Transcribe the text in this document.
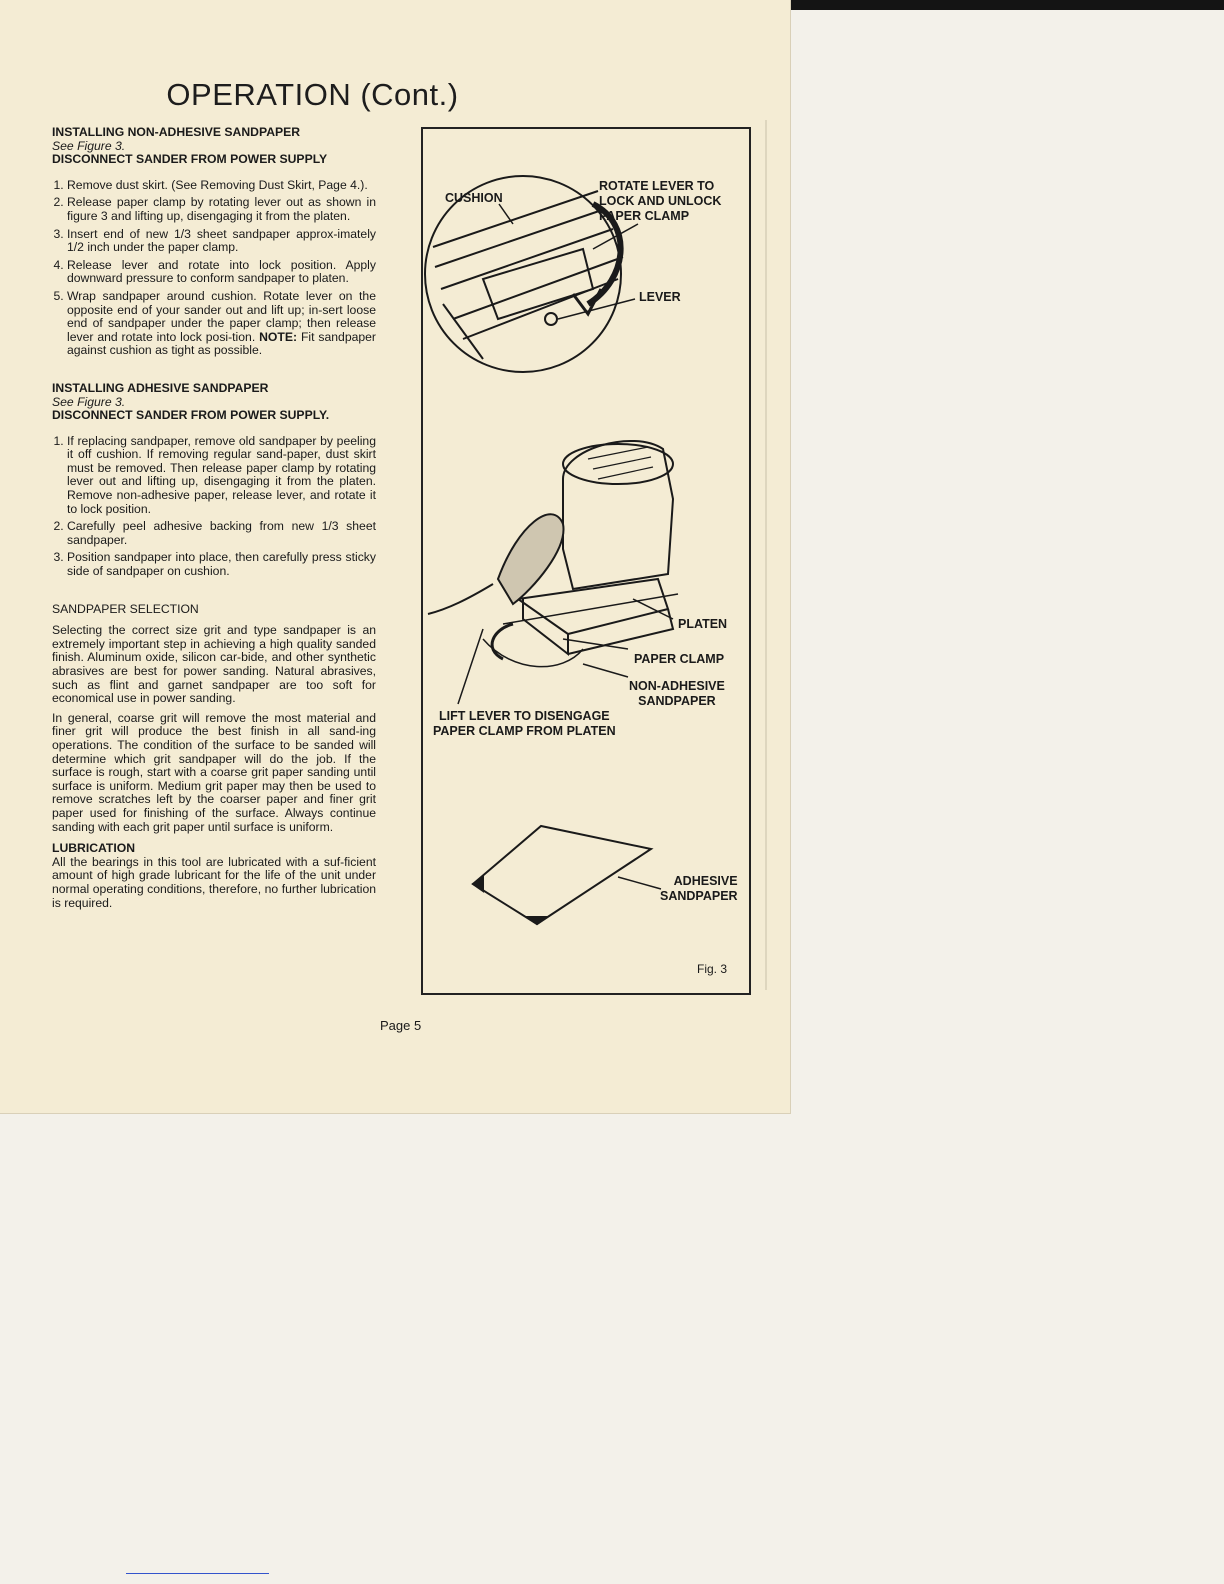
OPERATION (Cont.)
INSTALLING NON-ADHESIVE SANDPAPER
See Figure 3.
DISCONNECT SANDER FROM POWER SUPPLY
1. Remove dust skirt. (See Removing Dust Skirt, Page 4.).
2. Release paper clamp by rotating lever out as shown in figure 3 and lifting up, disengaging it from the platen.
3. Insert end of new 1/3 sheet sandpaper approx-imately 1/2 inch under the paper clamp.
4. Release lever and rotate into lock position. Apply downward pressure to conform sandpaper to platen.
5. Wrap sandpaper around cushion. Rotate lever on the opposite end of your sander out and lift up; in-sert loose end of sandpaper under the paper clamp; then release lever and rotate into lock posi-tion. NOTE: Fit sandpaper against cushion as tight as possible.
INSTALLING ADHESIVE SANDPAPER
See Figure 3.
DISCONNECT SANDER FROM POWER SUPPLY.
1. If replacing sandpaper, remove old sandpaper by peeling it off cushion. If removing regular sand-paper, dust skirt must be removed. Then release paper clamp by rotating lever out and lifting up, disengaging it from the platen. Remove non-adhesive paper, release lever, and rotate it to lock position.
2. Carefully peel adhesive backing from new 1/3 sheet sandpaper.
3. Position sandpaper into place, then carefully press sticky side of sandpaper on cushion.
SANDPAPER SELECTION

Selecting the correct size grit and type sandpaper is an extremely important step in achieving a high quality sanded finish. Aluminum oxide, silicon car-bide, and other synthetic abrasives are best for power sanding. Natural abrasives, such as flint and garnet sandpaper are too soft for economical use in power sanding.

In general, coarse grit will remove the most material and finer grit will produce the best finish in all sand-ing operations. The condition of the surface to be sanded will determine which grit sandpaper will do the job. If the surface is rough, start with a coarse grit paper sanding until surface is uniform. Medium grit paper may then be used to remove scratches left by the coarser paper and finer grit paper used for finishing of the surface. Always continue sanding with each grit paper until surface is uniform.

LUBRICATION

All the bearings in this tool are lubricated with a suf-ficient amount of high grade lubricant for the life of the unit under normal operating conditions, therefore, no further lubrication is required.

CUSHION
ROTATE LEVER TO
LOCK AND UNLOCK
PAPER CLAMP
LEVER
PLATEN
PAPER CLAMP
NON-ADHESIVE
SANDPAPER
LIFT LEVER TO DISENGAGE
PAPER CLAMP FROM PLATEN
ADHESIVE
SANDPAPER
Fig. 3
Page 5
